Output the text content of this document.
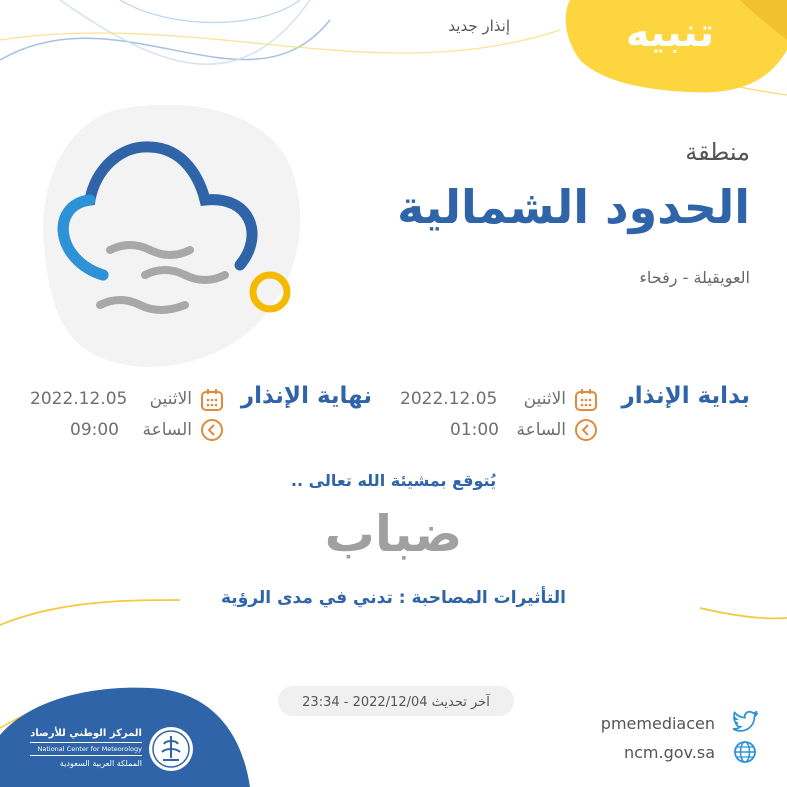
تنبيه
إنذار جديد
منطقة
الحدود الشمالية
العويقيلة - رفحاء
بداية الإنذار
الاثنين
2022.12.05
الساعة
01:00
نهاية الإنذار
الاثنين
2022.12.05
الساعة
09:00
يُتوقع بمشيئة الله تعالى ..
ضباب
التأثيرات المصاحبة : تدني في مدى الرؤية
آخر تحديث 2022/12/04 - 23:34
المركز الوطني للأرصاد
National Center for Meteorology
المملكة العربية السعودية
pmemediacen
ncm.gov.sa
